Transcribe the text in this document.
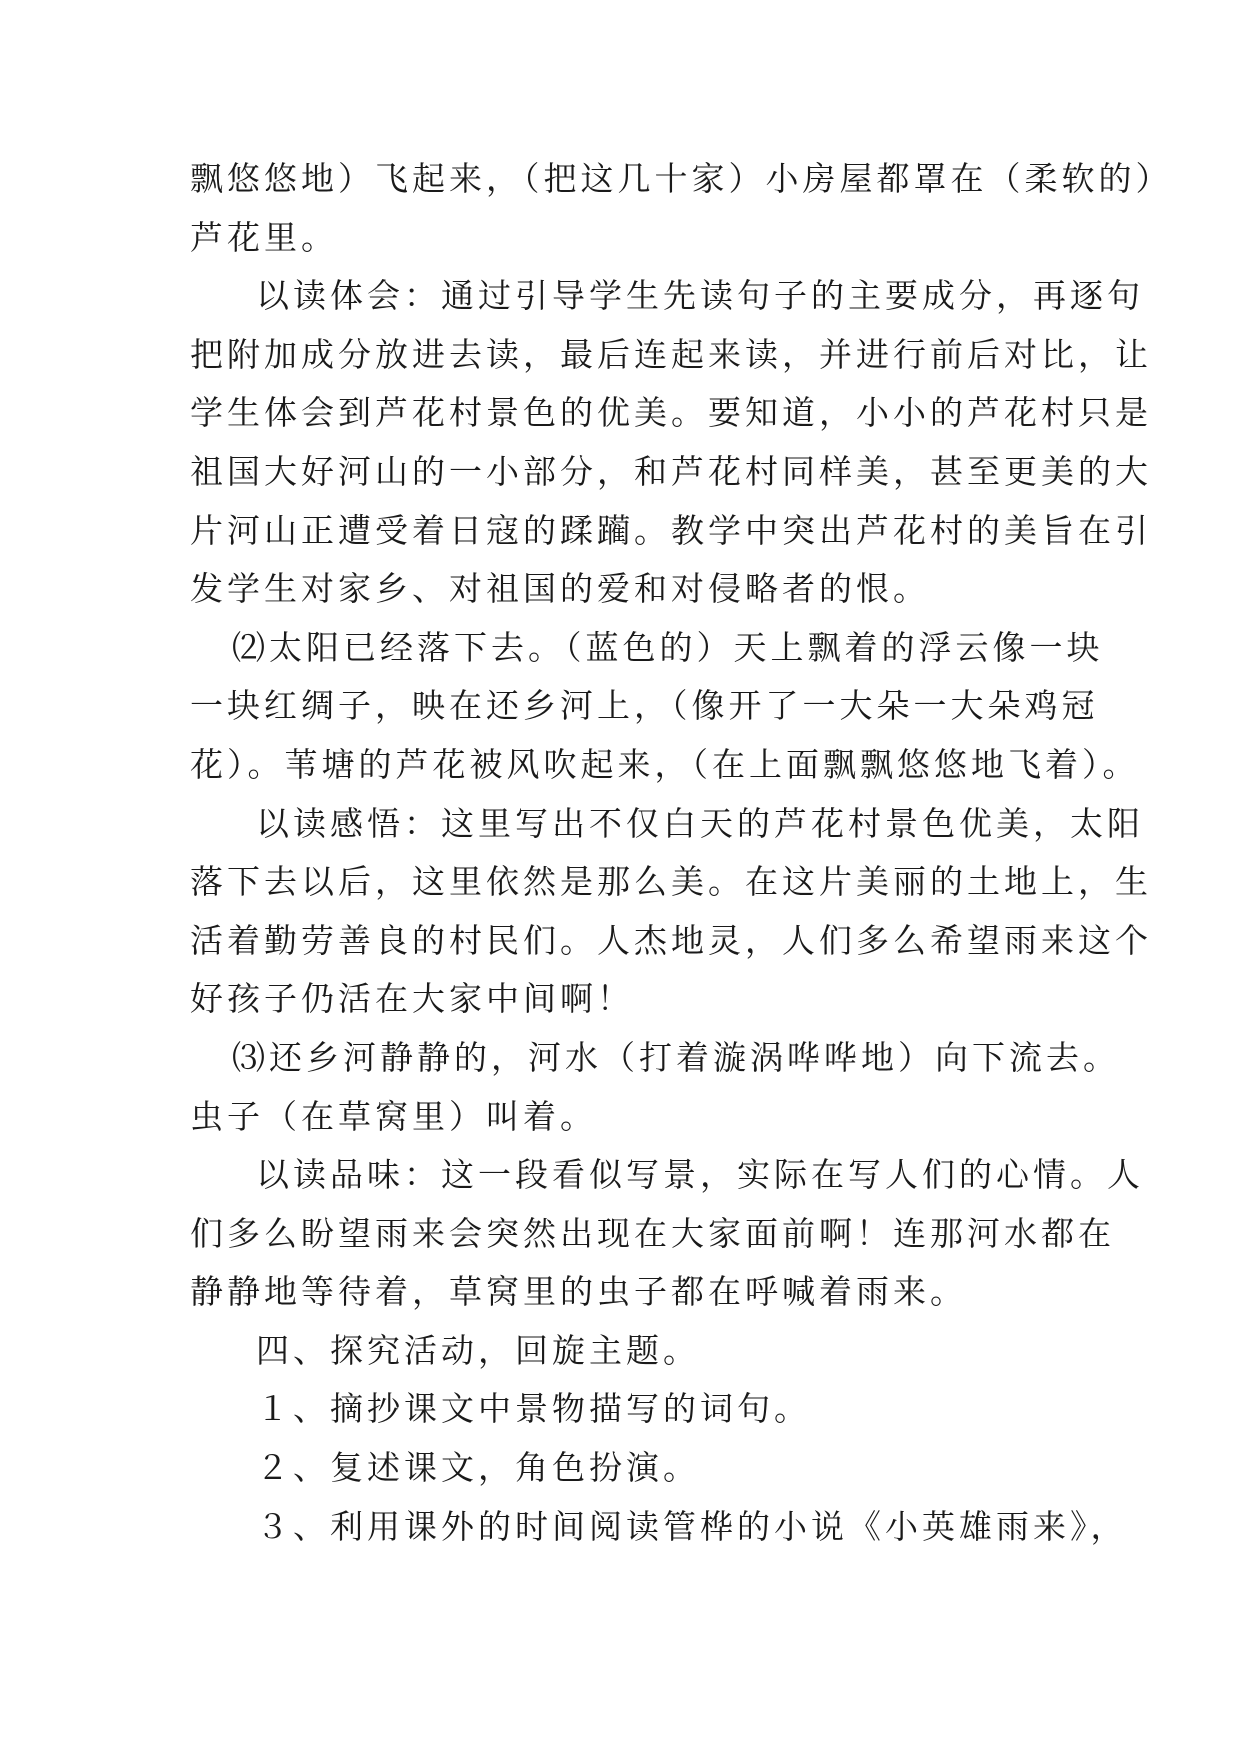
飘悠悠地）飞起来，（把这几十家）小房屋都罩在（柔软的）
芦花里。
以读体会：通过引导学生先读句子的主要成分，再逐句
把附加成分放进去读，最后连起来读，并进行前后对比，让
学生体会到芦花村景色的优美。要知道，小小的芦花村只是
祖国大好河山的一小部分，和芦花村同样美，甚至更美的大
片河山正遭受着日寇的蹂躏。教学中突出芦花村的美旨在引
发学生对家乡、对祖国的爱和对侵略者的恨。
⑵太阳已经落下去。（蓝色的）天上飘着的浮云像一块
一块红绸子，映在还乡河上，（像开了一大朵一大朵鸡冠
花）。苇塘的芦花被风吹起来，（在上面飘飘悠悠地飞着）。
以读感悟：这里写出不仅白天的芦花村景色优美，太阳
落下去以后，这里依然是那么美。在这片美丽的土地上，生
活着勤劳善良的村民们。人杰地灵，人们多么希望雨来这个
好孩子仍活在大家中间啊！
⑶还乡河静静的，河水（打着漩涡哗哗地）向下流去。
虫子（在草窝里）叫着。
以读品味：这一段看似写景，实际在写人们的心情。人
们多么盼望雨来会突然出现在大家面前啊！连那河水都在
静静地等待着，草窝里的虫子都在呼喊着雨来。
四、探究活动，回旋主题。
１、摘抄课文中景物描写的词句。
２、复述课文，角色扮演。
３、利用课外的时间阅读管桦的小说《小英雄雨来》，
